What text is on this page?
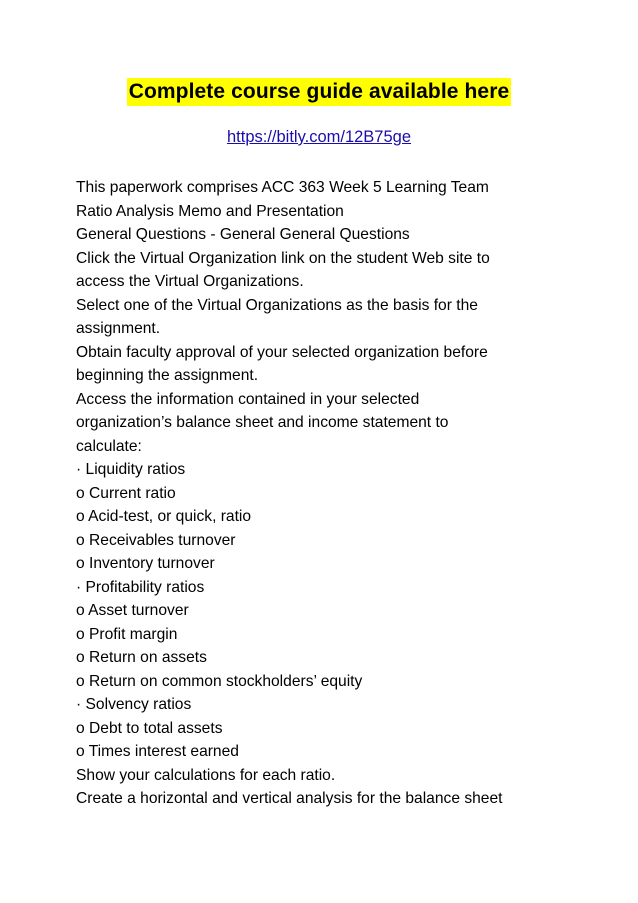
Complete course guide available here
https://bitly.com/12B75ge
This paperwork comprises ACC 363 Week 5 Learning Team
Ratio Analysis Memo and Presentation
General Questions - General General Questions
Click the Virtual Organization link on the student Web site to
access the Virtual Organizations.
Select one of the Virtual Organizations as the basis for the
assignment.
Obtain faculty approval of your selected organization before
beginning the assignment.
Access the information contained in your selected
organization’s balance sheet and income statement to
calculate:
· Liquidity ratios
o Current ratio
o Acid-test, or quick, ratio
o Receivables turnover
o Inventory turnover
· Profitability ratios
o Asset turnover
o Profit margin
o Return on assets
o Return on common stockholders’ equity
· Solvency ratios
o Debt to total assets
o Times interest earned
Show your calculations for each ratio.
Create a horizontal and vertical analysis for the balance sheet
